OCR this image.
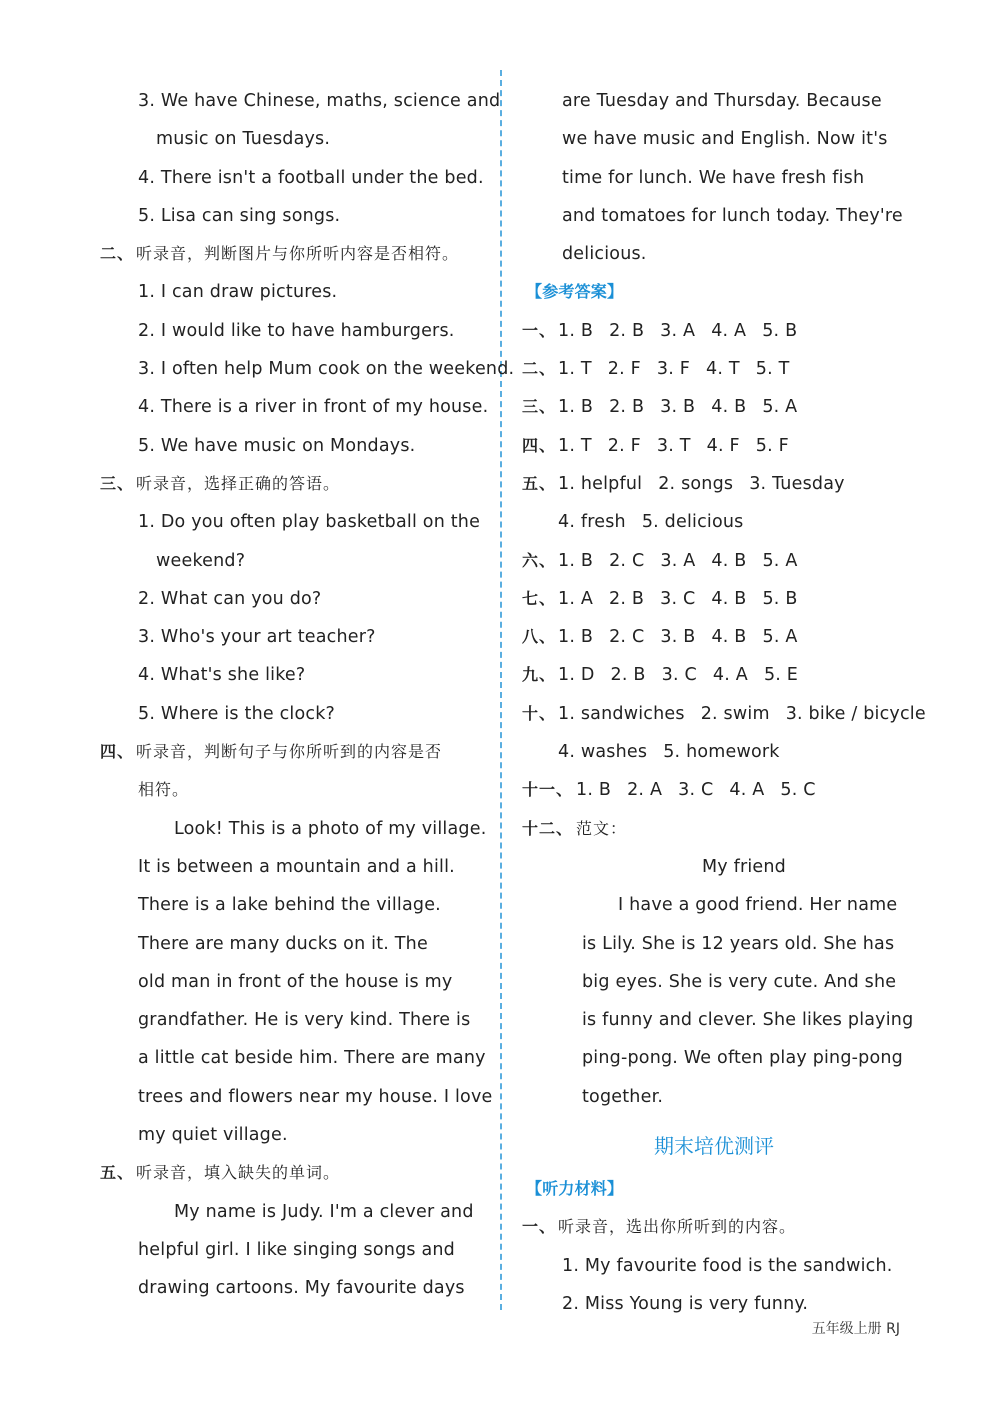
3. We have Chinese, maths, science and
music on Tuesdays.
4. There isn't a football under the bed.
5. Lisa can sing songs.
二、 听录音，判断图片与你所听内容是否相符。
1. I can draw pictures.
2. I would like to have hamburgers.
3. I often help Mum cook on the weekend.
4. There is a river in front of my house.
5. We have music on Mondays.
三、 听录音，选择正确的答语。
1. Do you often play basketball on the
weekend?
2. What can you do?
3. Who's your art teacher?
4. What's she like?
5. Where is the clock?
四、 听录音，判断句子与你所听到的内容是否
相符。
Look! This is a photo of my village.
It is between a mountain and a hill.
There is a lake behind the village.
There are many ducks on it. The
old man in front of the house is my
grandfather. He is very kind. There is
a little cat beside him. There are many
trees and flowers near my house. I love
my quiet village.
五、 听录音，填入缺失的单词。
My name is Judy. I'm a clever and
helpful girl. I like singing songs and
drawing cartoons. My favourite days
are Tuesday and Thursday. Because
we have music and English. Now it's
time for lunch. We have fresh fish
and tomatoes for lunch today. They're
delicious.
【参考答案】
一、 1. B 2. B 3. A 4. A 5. B
二、 1. T 2. F 3. F 4. T 5. T
三、 1. B 2. B 3. B 4. B 5. A
四、 1. T 2. F 3. T 4. F 5. F
五、 1. helpful 2. songs 3. Tuesday
4. fresh 5. delicious
六、 1. B 2. C 3. A 4. B 5. A
七、 1. A 2. B 3. C 4. B 5. B
八、 1. B 2. C 3. B 4. B 5. A
九、 1. D 2. B 3. C 4. A 5. E
十、 1. sandwiches 2. swim 3. bike / bicycle
4. washes 5. homework
十一、 1. B 2. A 3. C 4. A 5. C
十二、 范文：
My friend
I have a good friend. Her name
is Lily. She is 12 years old. She has
big eyes. She is very cute. And she
is funny and clever. She likes playing
ping-pong. We often play ping-pong
together.
期末培优测评
【听力材料】
一、 听录音，选出你所听到的内容。
1. My favourite food is the sandwich.
2. Miss Young is very funny.
五年级上册 RJ
